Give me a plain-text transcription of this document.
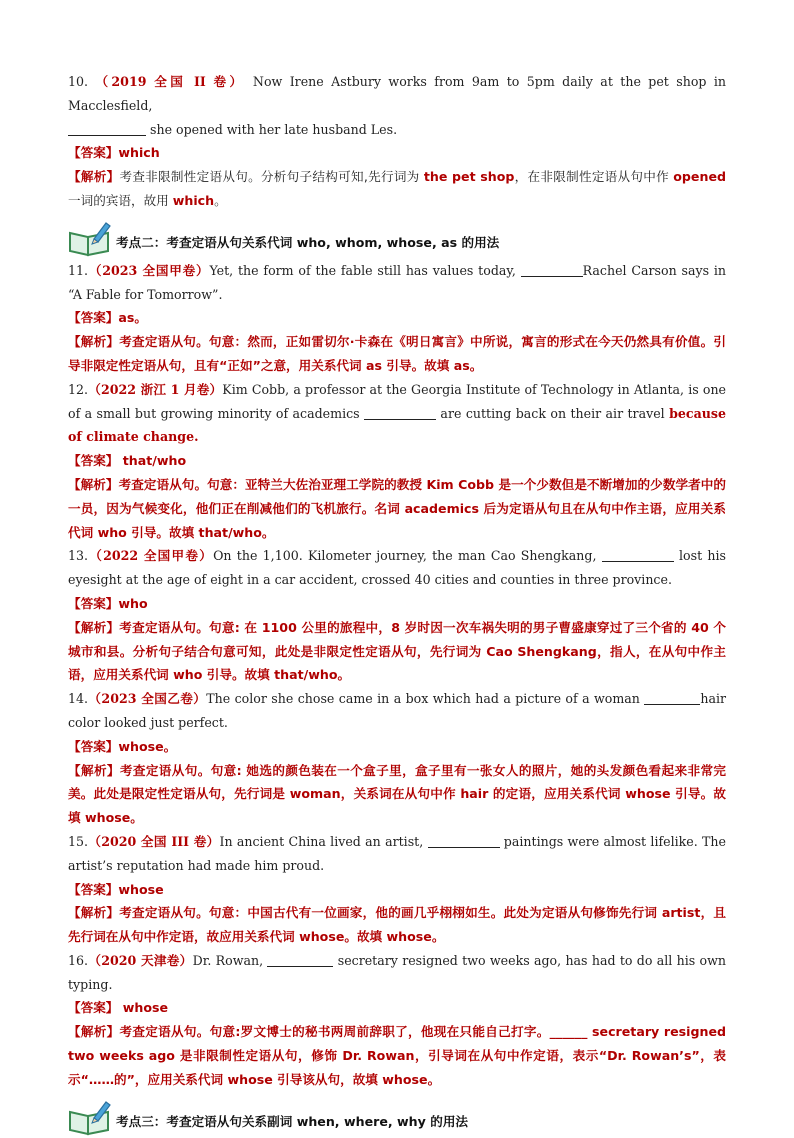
10. （2019 全国 II 卷） Now Irene Astbury works from 9am to 5pm daily at the pet shop in Macclesfield,
she opened with her late husband Les.

【答案】which

【解析】考查非限制性定语从句。分析句子结构可知,先行词为 the pet shop，在非限制性定语从句中作 opened 一词的宾语，故用 which。

考点二：考查定语从句关系代词 who, whom, whose, as 的用法

11.（2023 全国甲卷）Yet, the form of the fable still has values today,	Rachel Carson says in “A Fable for Tomorrow”.

【答案】as。

【解析】考查定语从句。句意：然而，正如雷切尔·卡森在《明日寓言》中所说，寓言的形式在今天仍然具有价值。引导非限定性定语从句，且有“正如”之意，用关系代词 as 引导。故填 as。

12.（2022 浙江 1 月卷）Kim Cobb, a professor at the Georgia Institute of Technology in Atlanta, is one of a small but growing minority of academics	are cutting back on their air travel because of climate change.

【答案】 that/who

【解析】考查定语从句。句意：亚特兰大佐治亚理工学院的教授 Kim Cobb 是一个少数但是不断增加的少数学者中的一员，因为气候变化，他们正在削减他们的飞机旅行。名词 academics 后为定语从句且在从句中作主语，应用关系代词 who 引导。故填 that/who。

13.（2022 全国甲卷）On the 1,100. Kilometer journey, the man Cao Shengkang,	lost his eyesight at the age of eight in a car accident, crossed 40 cities and counties in three province.

【答案】who

【解析】考查定语从句。句意: 在 1100 公里的旅程中，8 岁时因一次车祸失明的男子曹盛康穿过了三个省的 40 个城市和县。分析句子结合句意可知，此处是非限定性定语从句，先行词为 Cao Shengkang，指人，在从句中作主语，应用关系代词 who 引导。故填 that/who。

14.（2023 全国乙卷）The color she chose came in a box which had a picture of a woman	hair color looked just perfect.

【答案】whose。

【解析】考查定语从句。句意: 她选的颜色装在一个盒子里，盒子里有一张女人的照片，她的头发颜色看起来非常完美。此处是限定性定语从句，先行词是 woman，关系词在从句中作 hair 的定语，应用关系代词 whose 引导。故填 whose。

15.（2020 全国 III 卷）In ancient China lived an artist,	paintings were almost lifelike. The artist’s reputation had made him proud.

【答案】whose

【解析】考查定语从句。句意：中国古代有一位画家，他的画几乎栩栩如生。此处为定语从句修饰先行词 artist，且先行词在从句中作定语，故应用关系代词 whose。故填 whose。

16.（2020 天津卷）Dr. Rowan,	secretary resigned two weeks ago, has had to do all his own typing.

【答案】 whose

【解析】考查定语从句。句意:罗文博士的秘书两周前辞职了，他现在只能自己打字。______ secretary resigned two weeks ago 是非限制性定语从句，修饰 Dr. Rowan，引导词在从句中作定语，表示“Dr. Rowan’s”，表示“……的”，应用关系代词 whose 引导该从句，故填 whose。

考点三：考查定语从句关系副词 when, where, why 的用法
